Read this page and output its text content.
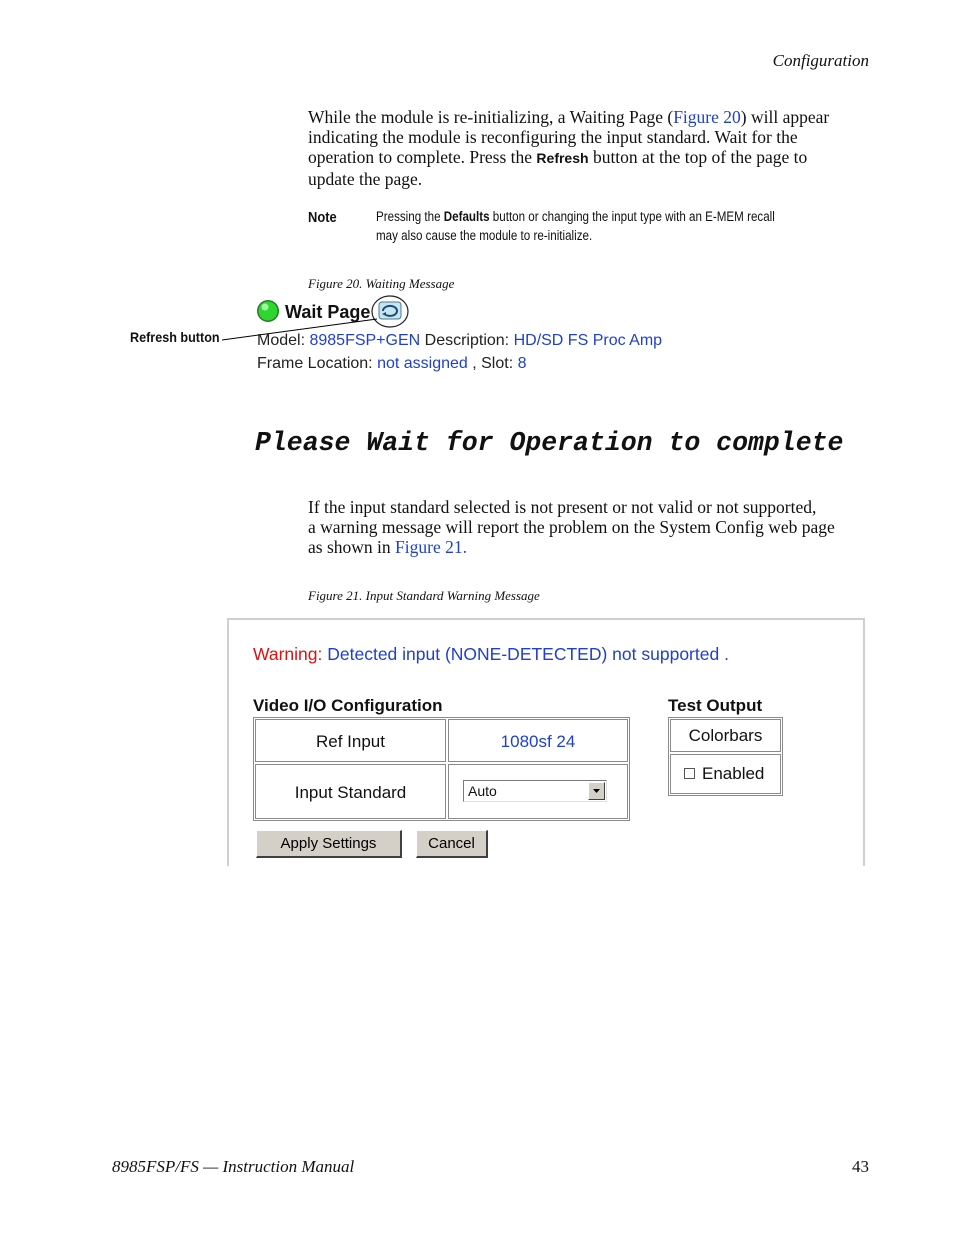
Configuration
While the module is re-initializing, a Waiting Page (Figure 20) will appear
indicating the module is reconfiguring the input standard. Wait for the
operation to complete. Press the Refresh button at the top of the page to
update the page.
Note	Pressing the Defaults button or changing the input type with an E-MEM recall
may also cause the module to re-initialize.
Figure 20. Waiting Message
Wait Page
Refresh button Model: 8985FSP+GEN Description: HD/SD FS Proc Amp
Frame Location: not assigned , Slot: 8
Please Wait for Operation to complete
If the input standard selected is not present or not valid or not supported,
a warning message will report the problem on the System Config web page
as shown in Figure 21.
Figure 21. Input Standard Warning Message
Warning: Detected input (NONE-DETECTED) not supported .
Video I/O Configuration	Test Output
Ref Input	1080sf 24
Input Standard	Auto
Colorbars
Enabled
Apply Settings	Cancel
8985FSP/FS — Instruction Manual	43
